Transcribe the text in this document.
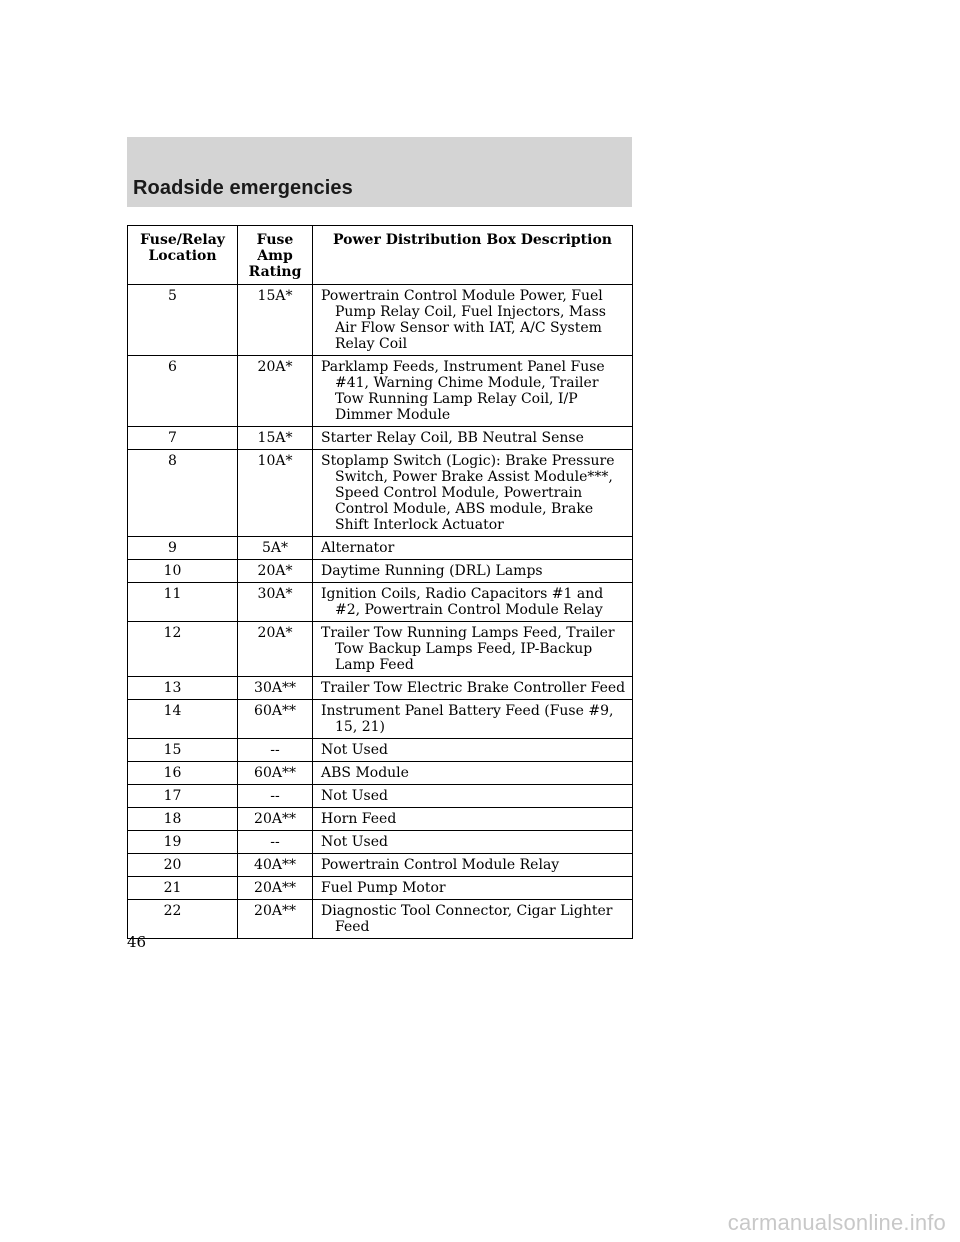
Roadside emergencies
Fuse/Relay Location	Fuse Amp Rating	Power Distribution Box Description
5	15A*	Powertrain Control Module Power, Fuel Pump Relay Coil, Fuel Injectors, Mass Air Flow Sensor with IAT, A/C System Relay Coil
6	20A*	Parklamp Feeds, Instrument Panel Fuse #41, Warning Chime Module, Trailer Tow Running Lamp Relay Coil, I/P Dimmer Module
7	15A*	Starter Relay Coil, BB Neutral Sense
8	10A*	Stoplamp Switch (Logic): Brake Pressure Switch, Power Brake Assist Module***, Speed Control Module, Powertrain Control Module, ABS module, Brake Shift Interlock Actuator
9	5A*	Alternator
10	20A*	Daytime Running (DRL) Lamps
11	30A*	Ignition Coils, Radio Capacitors #1 and #2, Powertrain Control Module Relay
12	20A*	Trailer Tow Running Lamps Feed, Trailer Tow Backup Lamps Feed, IP-Backup Lamp Feed
13	30A**	Trailer Tow Electric Brake Controller Feed
14	60A**	Instrument Panel Battery Feed (Fuse #9, 15, 21)
15	--	Not Used
16	60A**	ABS Module
17	--	Not Used
18	20A**	Horn Feed
19	--	Not Used
20	40A**	Powertrain Control Module Relay
21	20A**	Fuel Pump Motor
22	20A**	Diagnostic Tool Connector, Cigar Lighter Feed
46
carmanualsonline.info
